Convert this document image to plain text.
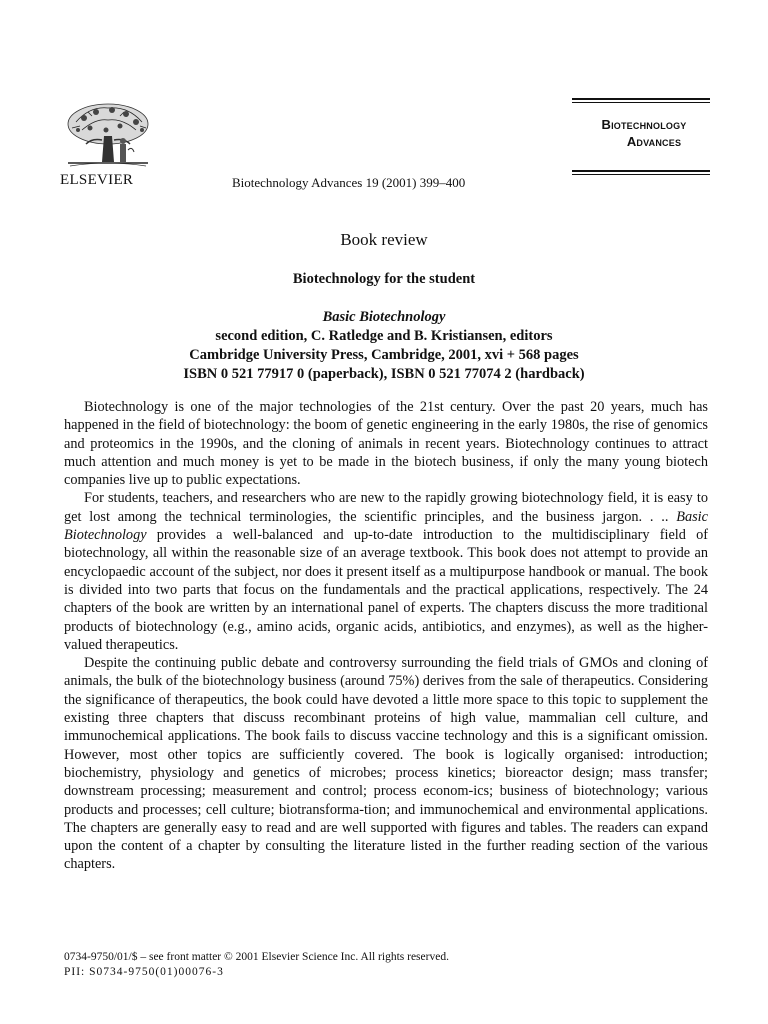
ELSEVIER	Biotechnology Advances 19 (2001) 399–400
Biotechnology
Advances
Book review
Biotechnology for the student
Basic Biotechnology
second edition, C. Ratledge and B. Kristiansen, editors
Cambridge University Press, Cambridge, 2001, xvi + 568 pages
ISBN 0 521 77917 0 (paperback), ISBN 0 521 77074 2 (hardback)

Biotechnology is one of the major technologies of the 21st century. Over the past 20 years, much has happened in the field of biotechnology: the boom of genetic engineering in the early 1980s, the rise of genomics and proteomics in the 1990s, and the cloning of animals in recent years. Biotechnology continues to attract much attention and much money is yet to be made in the biotech business, if only the many young biotech companies live up to public expectations.

For students, teachers, and researchers who are new to the rapidly growing biotechnology field, it is easy to get lost among the technical terminologies, the scientific principles, and the business jargon. . .. Basic Biotechnology provides a well-balanced and up-to-date introduction to the multidisciplinary field of biotechnology, all within the reasonable size of an average textbook. This book does not attempt to provide an encyclopaedic account of the subject, nor does it present itself as a multipurpose handbook or manual. The book is divided into two parts that focus on the fundamentals and the practical applications, respectively. The 24 chapters of the book are written by an international panel of experts. The chapters discuss the more traditional products of biotechnology (e.g., amino acids, organic acids, antibiotics, and enzymes), as well as the higher-valued therapeutics.

Despite the continuing public debate and controversy surrounding the field trials of GMOs and cloning of animals, the bulk of the biotechnology business (around 75%) derives from the sale of therapeutics. Considering the significance of therapeutics, the book could have devoted a little more space to this topic to supplement the existing three chapters that discuss recombinant proteins of high value, mammalian cell culture, and immunochemical applications. The book fails to discuss vaccine technology and this is a significant omission. However, most other topics are sufficiently covered. The book is logically organised: introduction; biochemistry, physiology and genetics of microbes; process kinetics; bioreactor design; mass transfer; downstream processing; measurement and control; process econom-ics; business of biotechnology; various products and processes; cell culture; biotransforma-tion; and immunochemical and environmental applications. The chapters are generally easy to read and are well supported with figures and tables. The readers can expand upon the content of a chapter by consulting the literature listed in the further reading section of the various chapters.

0734-9750/01/$ – see front matter © 2001 Elsevier Science Inc. All rights reserved.
PII: S0734-9750(01)00076-3
